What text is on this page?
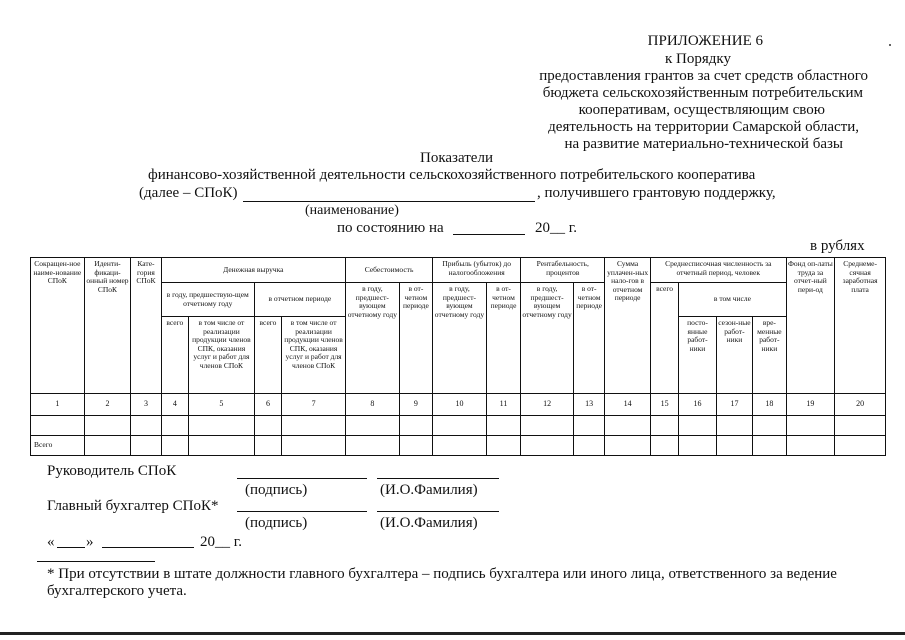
ПРИЛОЖЕНИЕ 6
к Порядку
предоставления грантов за счет средств областного
бюджета сельскохозяйственным потребительским
кооперативам, осуществляющим свою
деятельность на территории Самарской области,
на развитие материально-технической базы
Показатели
финансово-хозяйственной деятельности сельскохозяйственного потребительского кооператива
(далее – СПоК)	, получившего грантовую поддержку,
(наименование)
по состоянию на	20__ г.
в рублях
Сокращен-ное наиме-нование СПоК	Иденти-фикаци-онный номер СПоК	Кате-гория СПоК	Денежная выручка				Себестоимость		Прибыль (убыток) до налогообложения		Рентабельность, процентов		Сумма уплачен-ных нало-гов в отчетном периоде	Среднесписочная численность за отчетный период, человек				Фонд оп-латы труда за отчет-ный пери-од	Среднеме-сячная заработная плата
			в году, предшествую-щем отчетному году		в отчетном периоде		в году, предшест-вующем отчетному году	в от-четном периоде	в году, предшест-вующем отчетному году	в от-четном периоде	в году, предшест-вующем отчетному году	в от-четном периоде		всего	в том числе				
			всего	в том числе от реализации продукции членов СПК, оказания услуг и работ для членов СПоК	всего	в том числе от реализации продукции членов СПК, оказания услуг и работ для членов СПоК									посто-янные работ-ники	сезон-ные работ-ники	вре-менные работ-ники		
1	2	3	4	5	6	7	8	9	10	11	12	13	14	15	16	17	18	19	20

Всего																			
Руководитель СПоК
(подпись)	(И.О.Фамилия)
Главный бухгалтер СПоК*
(подпись)	(И.О.Фамилия)
« »	20__ г.
* При отсутствии в штате должности главного бухгалтера – подпись бухгалтера или иного лица, ответственного за ведение
бухгалтерского учета.
